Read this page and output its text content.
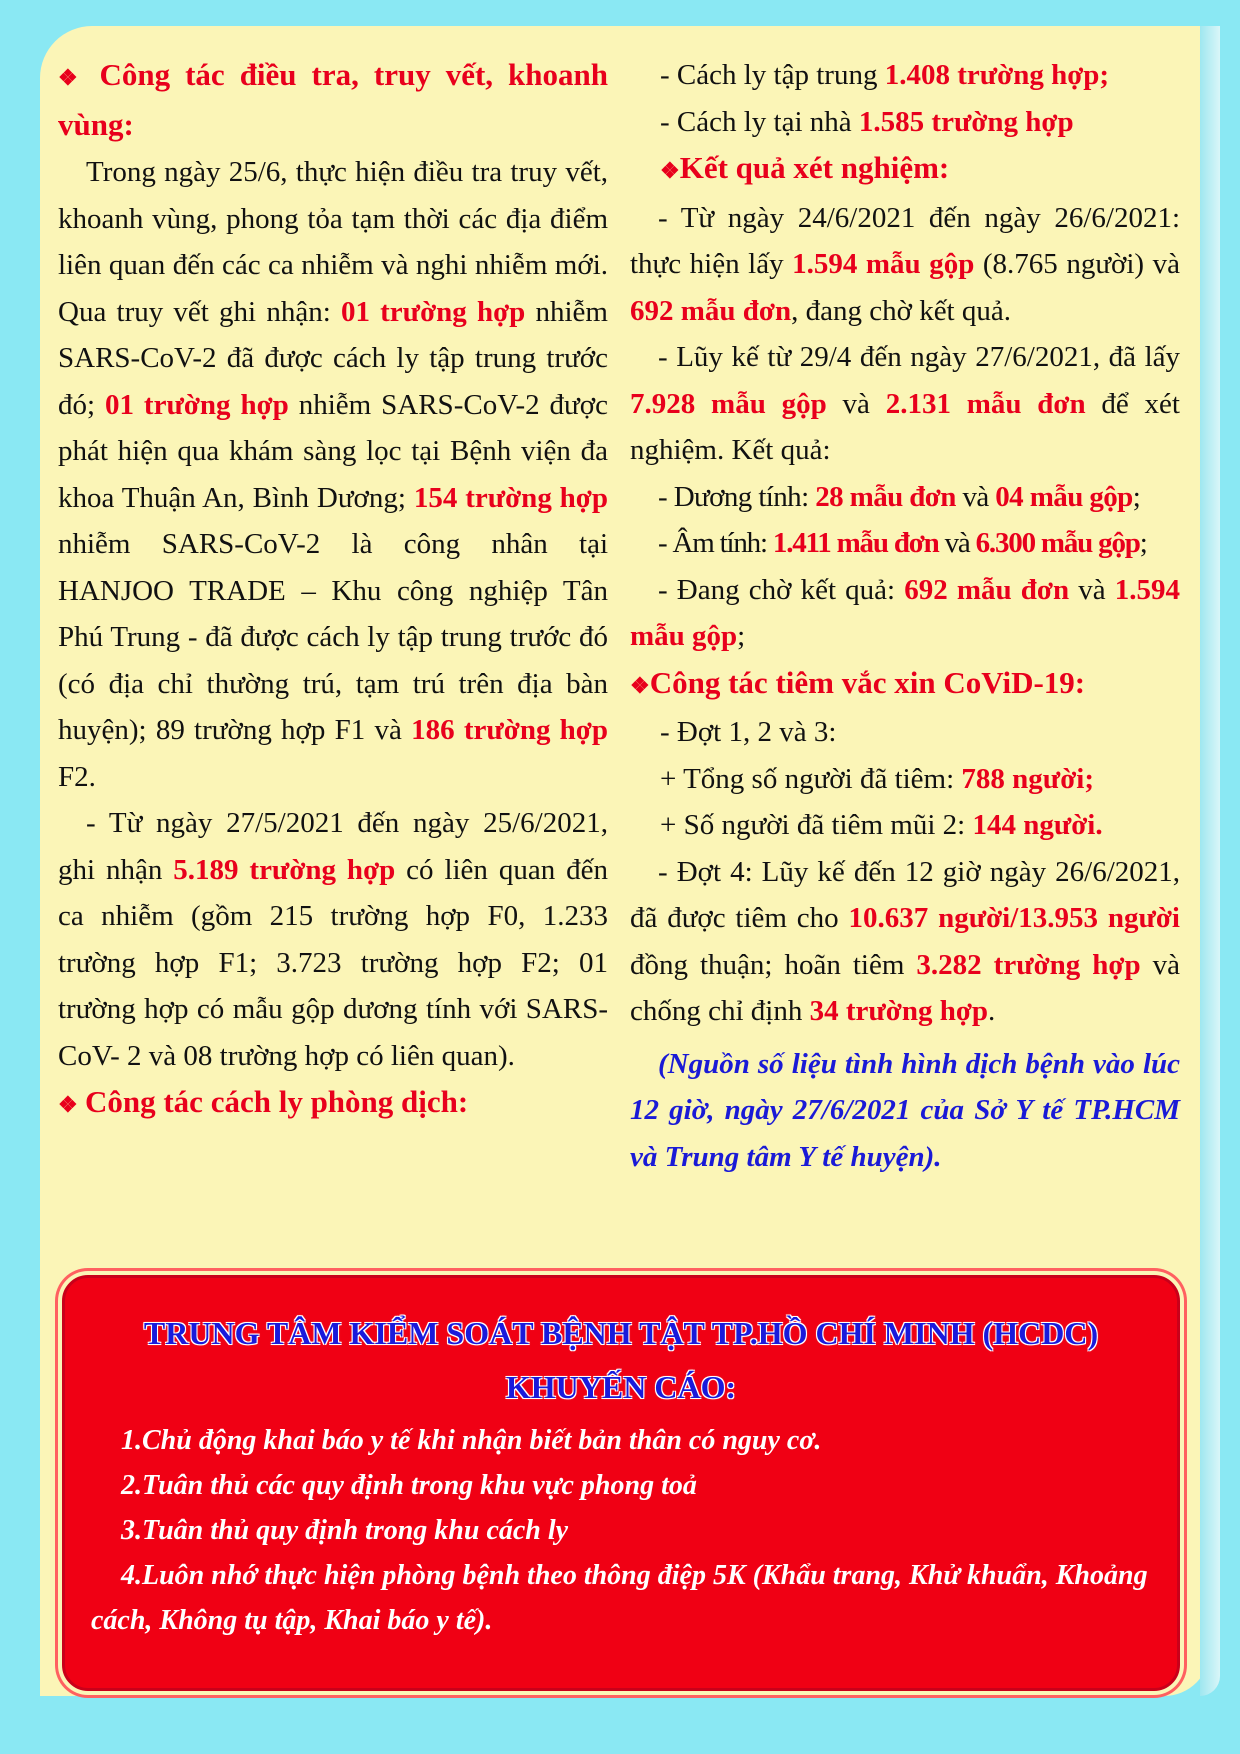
❖ Công tác điều tra, truy vết, khoanh vùng:

Trong ngày 25/6, thực hiện điều tra truy vết, khoanh vùng, phong tỏa tạm thời các địa điểm liên quan đến các ca nhiễm và nghi nhiễm mới. Qua truy vết ghi nhận: 01 trường hợp nhiễm SARS-CoV-2 đã được cách ly tập trung trước đó; 01 trường hợp nhiễm SARS-CoV-2 được phát hiện qua khám sàng lọc tại Bệnh viện đa khoa Thuận An, Bình Dương; 154 trường hợp nhiễm SARS-CoV-2 là công nhân tại HANJOO TRADE – Khu công nghiệp Tân Phú Trung - đã được cách ly tập trung trước đó (có địa chỉ thường trú, tạm trú trên địa bàn huyện); 89 trường hợp F1 và 186 trường hợp F2.

- Từ ngày 27/5/2021 đến ngày 25/6/2021, ghi nhận 5.189 trường hợp có liên quan đến ca nhiễm (gồm 215 trường hợp F0, 1.233 trường hợp F1; 3.723 trường hợp F2; 01 trường hợp có mẫu gộp dương tính với SARS-CoV- 2 và 08 trường hợp có liên quan).

❖ Công tác cách ly phòng dịch:

- Cách ly tập trung 1.408 trường hợp;

- Cách ly tại nhà 1.585 trường hợp

❖Kết quả xét nghiệm:

- Từ ngày 24/6/2021 đến ngày 26/6/2021: thực hiện lấy 1.594 mẫu gộp (8.765 người) và 692 mẫu đơn, đang chờ kết quả.

- Lũy kế từ 29/4 đến ngày 27/6/2021, đã lấy 7.928 mẫu gộp và 2.131 mẫu đơn để xét nghiệm. Kết quả:

- Dương tính: 28 mẫu đơn và 04 mẫu gộp;

- Âm tính: 1.411 mẫu đơn và 6.300 mẫu gộp;

- Đang chờ kết quả: 692 mẫu đơn và 1.594 mẫu gộp;

❖Công tác tiêm vắc xin CoViD-19:

- Đợt 1, 2 và 3:

+ Tổng số người đã tiêm: 788 người;

+ Số người đã tiêm mũi 2: 144 người.

- Đợt 4: Lũy kế đến 12 giờ ngày 26/6/2021, đã được tiêm cho 10.637 người/13.953 người đồng thuận; hoãn tiêm 3.282 trường hợp và chống chỉ định 34 trường hợp.

(Nguồn số liệu tình hình dịch bệnh vào lúc 12 giờ, ngày 27/6/2021 của Sở Y tế TP.HCM và Trung tâm Y tế huyện).

TRUNG TÂM KIỂM SOÁT BỆNH TẬT TP.HỒ CHÍ MINH (HCDC)
KHUYẾN CÁO:

1.Chủ động khai báo y tế khi nhận biết bản thân có nguy cơ.

2.Tuân thủ các quy định trong khu vực phong toả

3.Tuân thủ quy định trong khu cách ly

4.Luôn nhớ thực hiện phòng bệnh theo thông điệp 5K (Khẩu trang, Khử khuẩn, Khoảng cách, Không tụ tập, Khai báo y tế).
